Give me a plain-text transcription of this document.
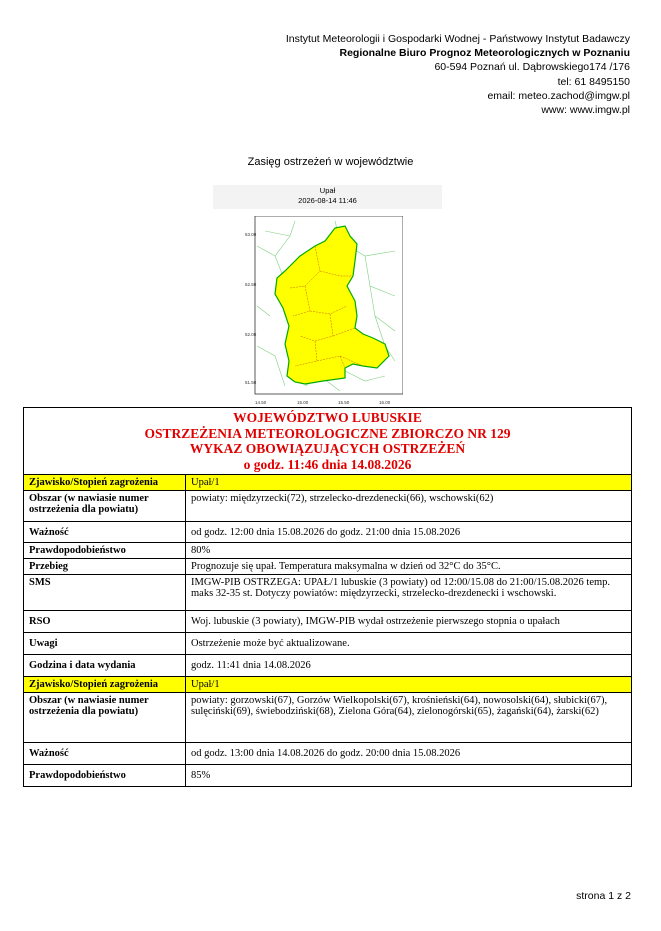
Instytut Meteorologii i Gospodarki Wodnej - Państwowy Instytut Badawczy
Regionalne Biuro Prognoz Meteorologicznych w Poznaniu
60-594 Poznań ul. Dąbrowskiego174 /176
tel: 61 8495150
email: meteo.zachod@imgw.pl
www: www.imgw.pl
Zasięg ostrzeżeń w województwie
Upał
2026-08-14 11:46
53.00
52.50
52.00
51.50
14.50	15.00	15.50	16.00
WOJEWÓDZTWO LUBUSKIE
OSTRZEŻENIA METEOROLOGICZNE ZBIORCZO NR 129
WYKAZ OBOWIĄZUJĄCYCH OSTRZEŻEŃ
o godz. 11:46 dnia 14.08.2026	

Zjawisko/Stopień zagrożenia	Upał/1
Obszar (w nawiasie numer ostrzeżenia dla powiatu)	powiaty: międzyrzecki(72), strzelecko-drezdenecki(66), wschowski(62)
Ważność	od godz. 12:00 dnia 15.08.2026 do godz. 21:00 dnia 15.08.2026
Prawdopodobieństwo	80%
Przebieg	Prognozuje się upał. Temperatura maksymalna w dzień od 32°C do 35°C.
SMS	IMGW-PIB OSTRZEGA: UPAŁ/1 lubuskie (3 powiaty) od 12:00/15.08 do 21:00/15.08.2026 temp. maks 32-35 st. Dotyczy powiatów: międzyrzecki, strzelecko-drezdenecki i wschowski.
RSO	Woj. lubuskie (3 powiaty), IMGW-PIB wydał ostrzeżenie pierwszego stopnia o upałach
Uwagi	Ostrzeżenie może być aktualizowane.
Godzina i data wydania	godz. 11:41 dnia 14.08.2026
Zjawisko/Stopień zagrożenia	Upał/1
Obszar (w nawiasie numer ostrzeżenia dla powiatu)	powiaty: gorzowski(67), Gorzów Wielkopolski(67), krośnieński(64), nowosolski(64), słubicki(67), sulęciński(69), świebodziński(68), Zielona Góra(64), zielonogórski(65), żagański(64), żarski(62)
Ważność	od godz. 13:00 dnia 14.08.2026 do godz. 20:00 dnia 15.08.2026
Prawdopodobieństwo	85%
strona 1 z 2
